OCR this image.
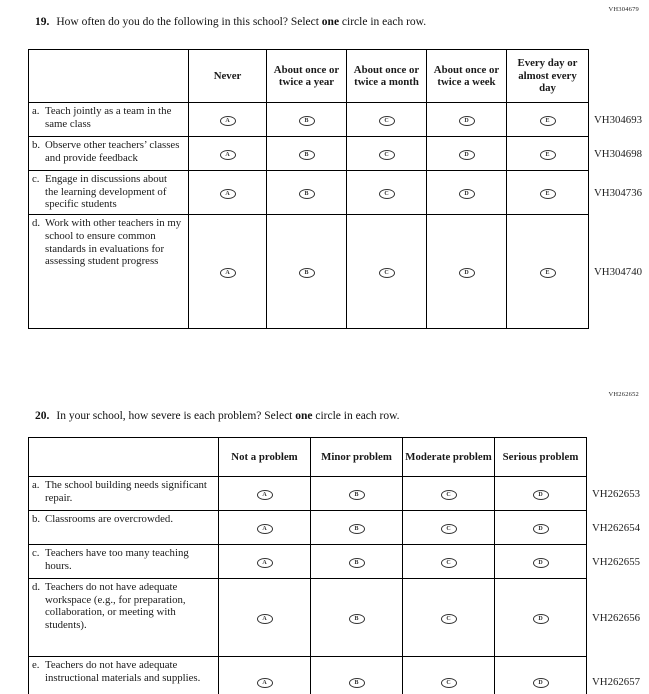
VH304679
19. How often do you do the following in this school? Select one circle in each row.
	Never	About once or twice a year	About once or twice a month	About once or twice a week	Every day or almost every day	
a. Teach jointly as a team in the same class	A	B	C	D	E	VH304693
b. Observe other teachers’ classes and provide feedback	A	B	C	D	E	VH304698
c. Engage in discussions about the learning development of specific students	A	B	C	D	E	VH304736
d. Work with other teachers in my school to ensure common standards in evaluations for assessing student progress	A	B	C	D	E	VH304740
VH262652
20. In your school, how severe is each problem? Select one circle in each row.
	Not a problem	Minor problem	Moderate problem	Serious problem	
a. The school building needs significant repair.	A	B	C	D	VH262653
b. Classrooms are overcrowded.	A	B	C	D	VH262654
c. Teachers have too many teaching hours.	A	B	C	D	VH262655
d. Teachers do not have adequate workspace (e.g., for preparation, collaboration, or meeting with students).	A	B	C	D	VH262656
e. Teachers do not have adequate instructional materials and supplies.	A	B	C	D	VH262657
